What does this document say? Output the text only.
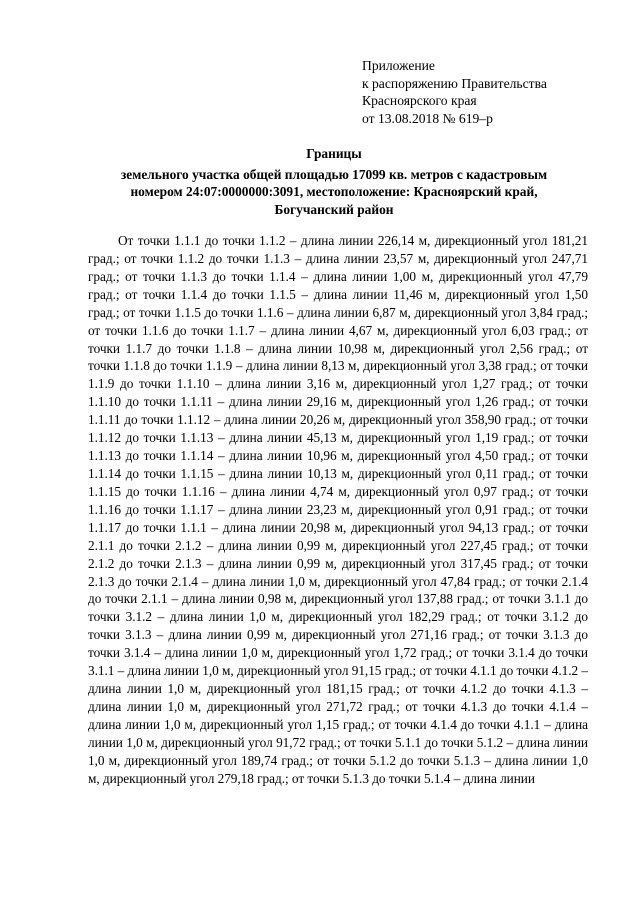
Приложение
к распоряжению Правительства
Красноярского края
от 13.08.2018 № 619–р
Границы
земельного участка общей площадью 17099 кв. метров с кадастровым
номером 24:07:0000000:3091, местоположение: Красноярский край,
Богучанский район
От точки 1.1.1 до точки 1.1.2 – длина линии 226,14 м, дирекционный угол 181,21 град.; от точки 1.1.2 до точки 1.1.3 – длина линии 23,57 м, дирекционный угол 247,71 град.; от точки 1.1.3 до точки 1.1.4 – длина линии 1,00 м, дирекционный угол 47,79 град.; от точки 1.1.4 до точки 1.1.5 – длина линии 11,46 м, дирекционный угол 1,50 град.; от точки 1.1.5 до точки 1.1.6 – длина линии 6,87 м, дирекционный угол 3,84 град.; от точки 1.1.6 до точки 1.1.7 – длина линии 4,67 м, дирекционный угол 6,03 град.; от точки 1.1.7 до точки 1.1.8 – длина линии 10,98 м, дирекционный угол 2,56 град.; от точки 1.1.8 до точки 1.1.9 – длина линии 8,13 м, дирекционный угол 3,38 град.; от точки 1.1.9 до точки 1.1.10 – длина линии 3,16 м, дирекционный угол 1,27 град.; от точки 1.1.10 до точки 1.1.11 – длина линии 29,16 м, дирекционный угол 1,26 град.; от точки 1.1.11 до точки 1.1.12 – длина линии 20,26 м, дирекционный угол 358,90 град.; от точки 1.1.12 до точки 1.1.13 – длина линии 45,13 м, дирекционный угол 1,19 град.; от точки 1.1.13 до точки 1.1.14 – длина линии 10,96 м, дирекционный угол 4,50 град.; от точки 1.1.14 до точки 1.1.15 – длина линии 10,13 м, дирекционный угол 0,11 град.; от точки 1.1.15 до точки 1.1.16 – длина линии 4,74 м, дирекционный угол 0,97 град.; от точки 1.1.16 до точки 1.1.17 – длина линии 23,23 м, дирекционный угол 0,91 град.; от точки 1.1.17 до точки 1.1.1 – длина линии 20,98 м, дирекционный угол 94,13 град.; от точки 2.1.1 до точки 2.1.2 – длина линии 0,99 м, дирекционный угол 227,45 град.; от точки 2.1.2 до точки 2.1.3 – длина линии 0,99 м, дирекционный угол 317,45 град.; от точки 2.1.3 до точки 2.1.4 – длина линии 1,0 м, дирекционный угол 47,84 град.; от точки 2.1.4 до точки 2.1.1 – длина линии 0,98 м, дирекционный угол 137,88 град.; от точки 3.1.1 до точки 3.1.2 – длина линии 1,0 м, дирекционный угол 182,29 град.; от точки 3.1.2 до точки 3.1.3 – длина линии 0,99 м, дирекционный угол 271,16 град.; от точки 3.1.3 до точки 3.1.4 – длина линии 1,0 м, дирекционный угол 1,72 град.; от точки 3.1.4 до точки 3.1.1 – длина линии 1,0 м, дирекционный угол 91,15 град.; от точки 4.1.1 до точки 4.1.2 – длина линии 1,0 м, дирекционный угол 181,15 град.; от точки 4.1.2 до точки 4.1.3 – длина линии 1,0 м, дирекционный угол 271,72 град.; от точки 4.1.3 до точки 4.1.4 – длина линии 1,0 м, дирекционный угол 1,15 град.; от точки 4.1.4 до точки 4.1.1 – длина линии 1,0 м, дирекционный угол 91,72 град.; от точки 5.1.1 до точки 5.1.2 – длина линии 1,0 м, дирекционный угол 189,74 град.; от точки 5.1.2 до точки 5.1.3 – длина линии 1,0 м, дирекционный угол 279,18 град.; от точки 5.1.3 до точки 5.1.4 – длина линии
